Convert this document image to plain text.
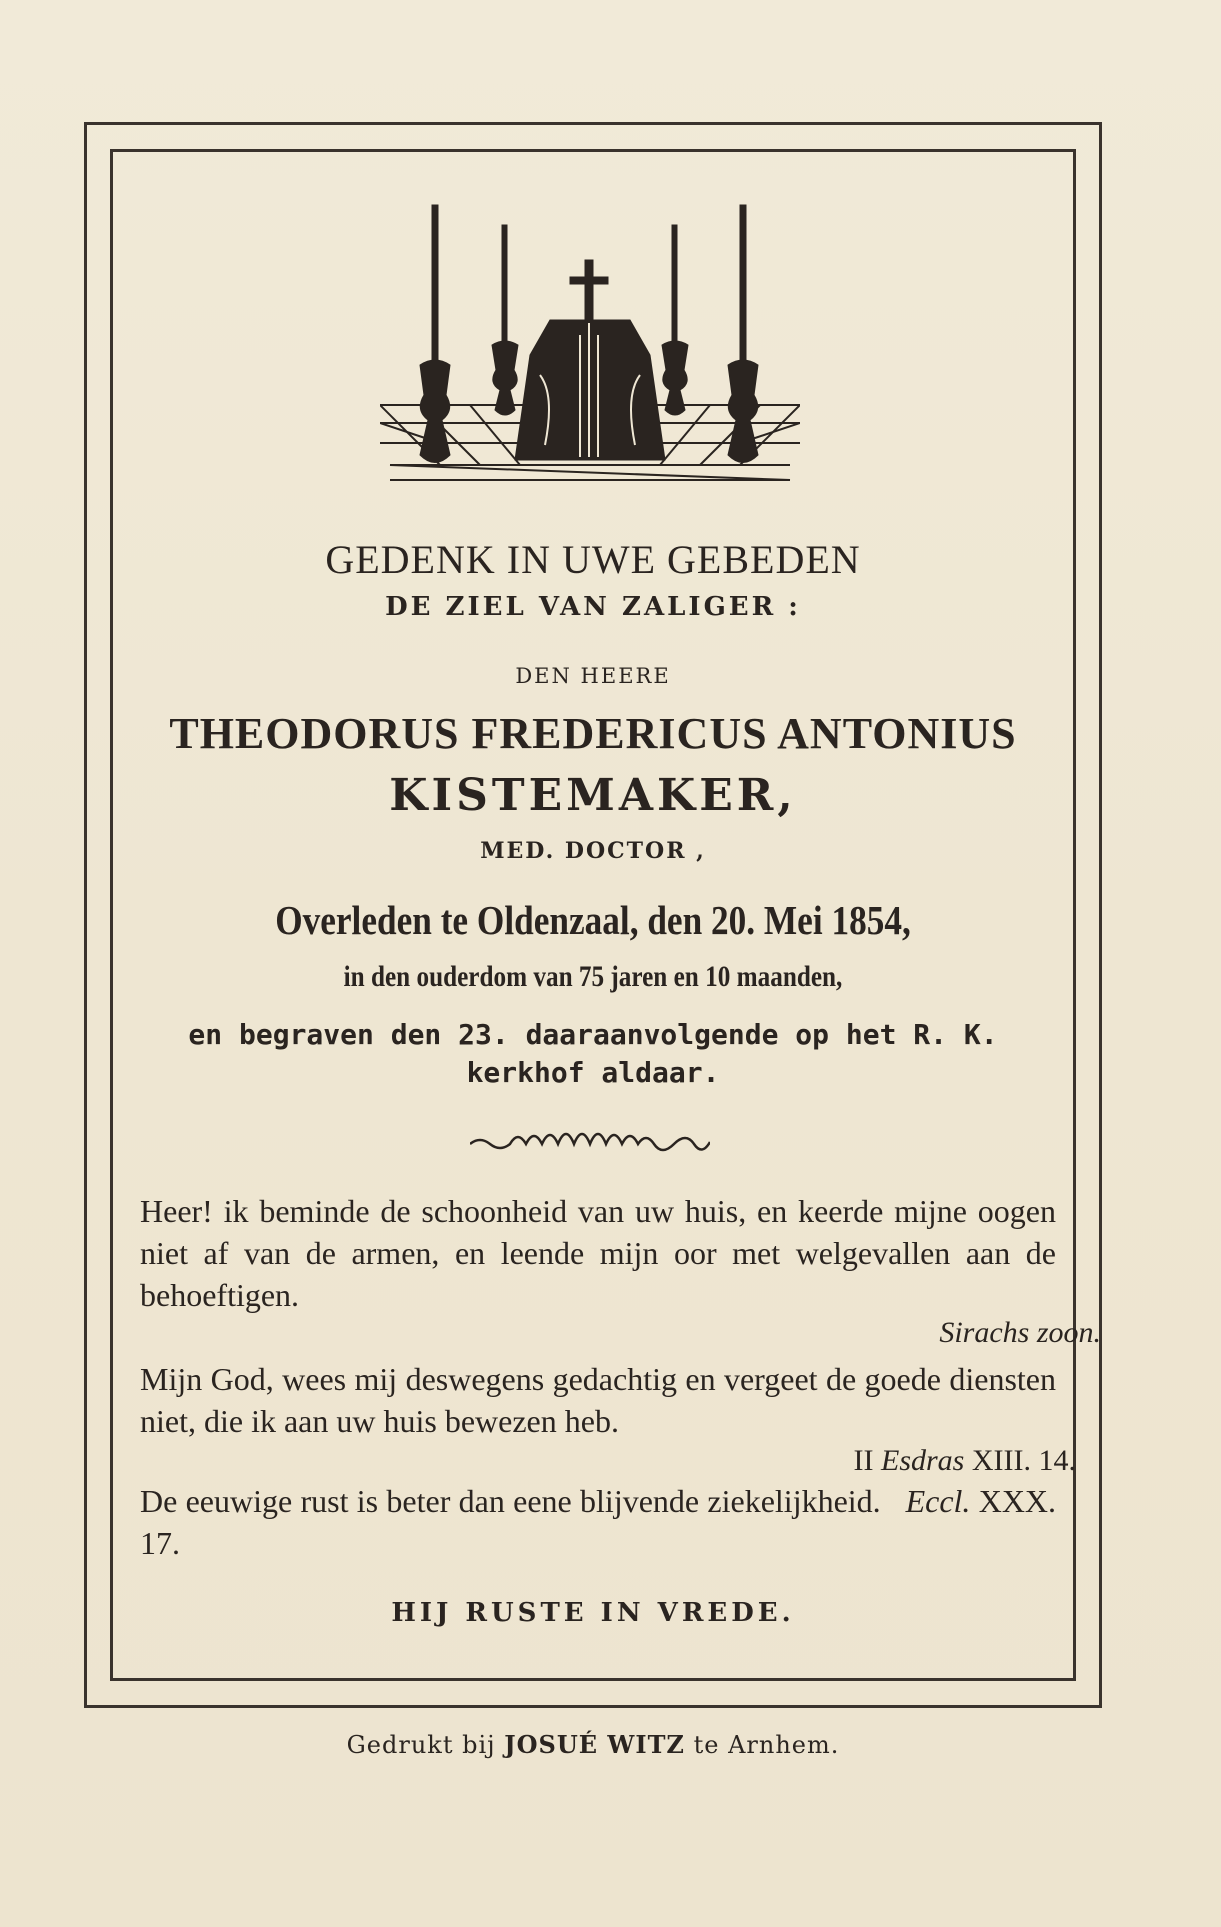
GEDENK IN UWE GEBEDEN
DE ZIEL VAN ZALIGER :
DEN HEERE
THEODORUS FREDERICUS ANTONIUS
KISTEMAKER,
MED. DOCTOR ,
Overleden te Oldenzaal, den 20. Mei 1854,
in den ouderdom van 75 jaren en 10 maanden,
en begraven den 23. daaraanvolgende op het R. K.
kerkhof aldaar.
Heer! ik beminde de schoonheid van uw huis, en keerde mijne oogen niet af van de armen, en leende mijn oor met welgevallen aan de behoeftigen.
Sirachs zoon.
Mijn God, wees mij deswegens gedachtig en vergeet de goede diensten niet, die ik aan uw huis bewezen heb.
II Esdras XIII. 14.
De eeuwige rust is beter dan eene blijvende ziekelijkheid. Eccl. XXX. 17.
HIJ RUSTE IN VREDE.
Gedrukt bij JOSUÉ WITZ te Arnhem.
